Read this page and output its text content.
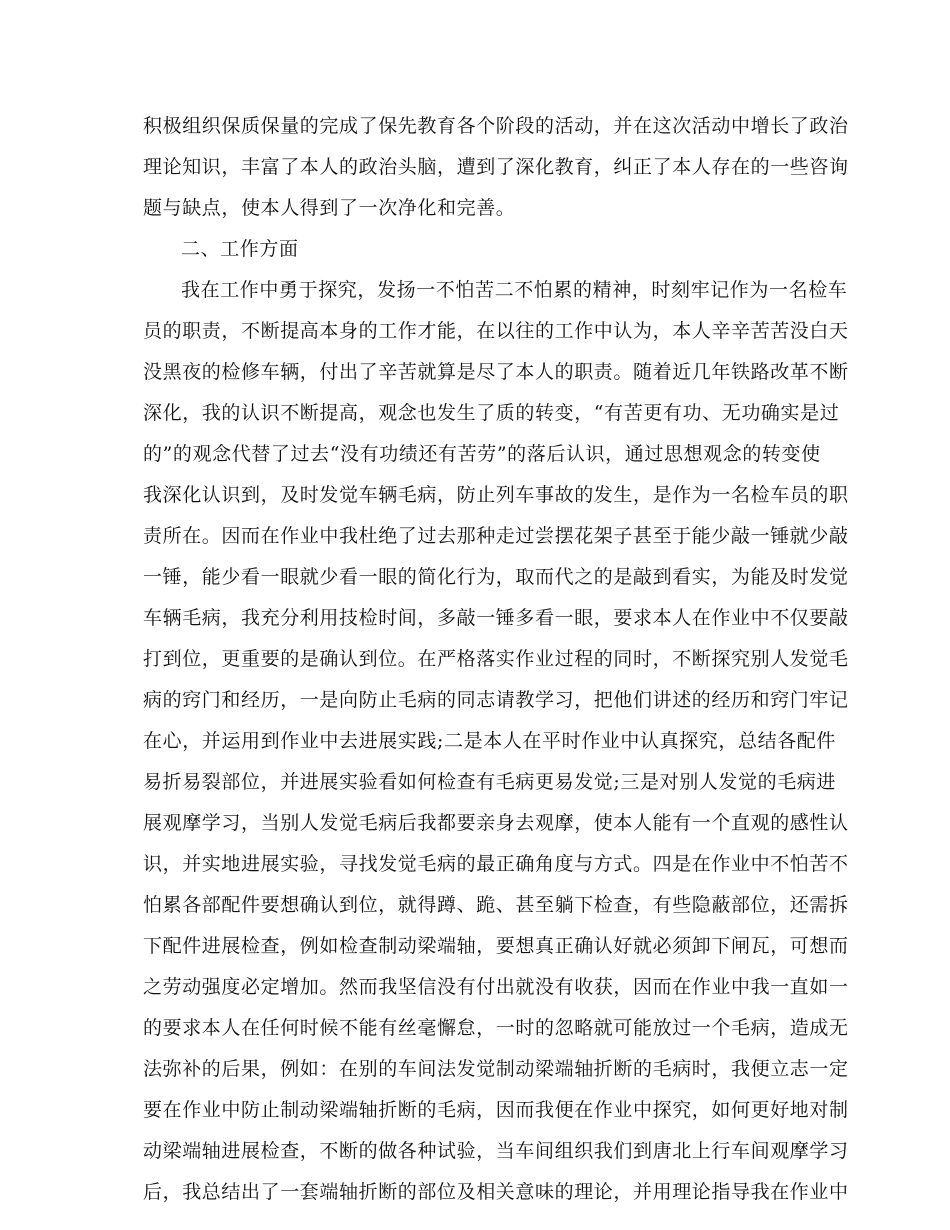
积极组织保质保量的完成了保先教育各个阶段的活动，并在这次活动中增长了政治
理论知识，丰富了本人的政治头脑，遭到了深化教育，纠正了本人存在的一些咨询
题与缺点，使本人得到了一次净化和完善。
二、工作方面
我在工作中勇于探究，发扬一不怕苦二不怕累的精神，时刻牢记作为一名检车
员的职责，不断提高本身的工作才能，在以往的工作中认为，本人辛辛苦苦没白天
没黑夜的检修车辆，付出了辛苦就算是尽了本人的职责。随着近几年铁路改革不断
深化，我的认识不断提高，观念也发生了质的转变，“有苦更有功、无功确实是过
的”的观念代替了过去“没有功绩还有苦劳”的落后认识，通过思想观念的转变使
我深化认识到，及时发觉车辆毛病，防止列车事故的发生，是作为一名检车员的职
责所在。因而在作业中我杜绝了过去那种走过尝摆花架子甚至于能少敲一锤就少敲
一锤，能少看一眼就少看一眼的简化行为，取而代之的是敲到看实，为能及时发觉
车辆毛病，我充分利用技检时间，多敲一锤多看一眼，要求本人在作业中不仅要敲
打到位，更重要的是确认到位。在严格落实作业过程的同时，不断探究别人发觉毛
病的窍门和经历，一是向防止毛病的同志请教学习，把他们讲述的经历和窍门牢记
在心，并运用到作业中去进展实践;二是本人在平时作业中认真探究，总结各配件
易折易裂部位，并进展实验看如何检查有毛病更易发觉;三是对别人发觉的毛病进
展观摩学习，当别人发觉毛病后我都要亲身去观摩，使本人能有一个直观的感性认
识，并实地进展实验，寻找发觉毛病的最正确角度与方式。四是在作业中不怕苦不
怕累各部配件要想确认到位，就得蹲、跪、甚至躺下检查，有些隐蔽部位，还需拆
下配件进展检查，例如检查制动梁端轴，要想真正确认好就必须卸下闸瓦，可想而
之劳动强度必定增加。然而我坚信没有付出就没有收获，因而在作业中我一直如一
的要求本人在任何时候不能有丝毫懈怠，一时的忽略就可能放过一个毛病，造成无
法弥补的后果，例如：在别的车间法发觉制动梁端轴折断的毛病时，我便立志一定
要在作业中防止制动梁端轴折断的毛病，因而我便在作业中探究，如何更好地对制
动梁端轴进展检查，不断的做各种试验，当车间组织我们到唐北上行车间观摩学习
后，我总结出了一套端轴折断的部位及相关意味的理论，并用理论指导我在作业中
